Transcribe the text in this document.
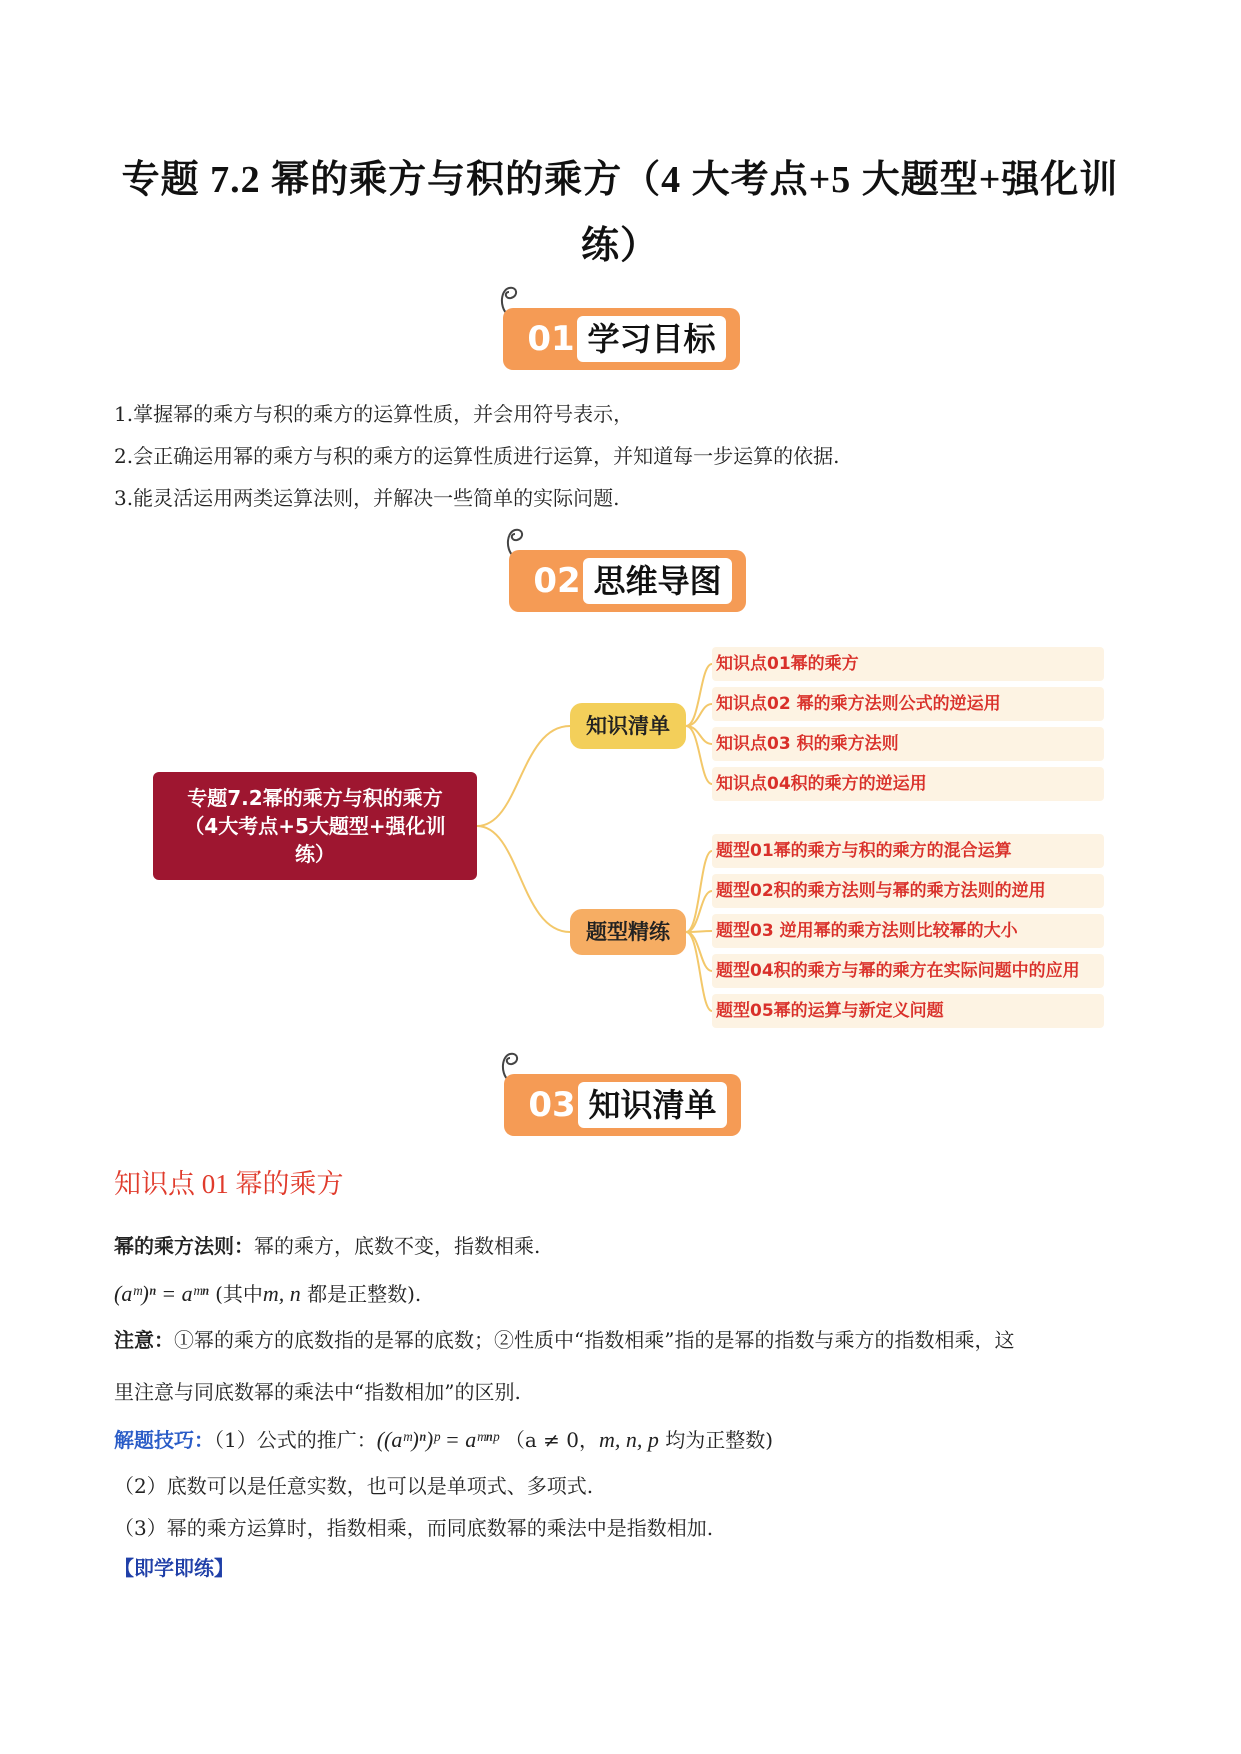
专题 7.2 幂的乘方与积的乘方（4 大考点+5 大题型+强化训
练）
01 学习目标
1.掌握幂的乘方与积的乘方的运算性质，并会用符号表示，
2.会正确运用幂的乘方与积的乘方的运算性质进行运算，并知道每一步运算的依据.
3.能灵活运用两类运算法则，并解决一些简单的实际问题.
02 思维导图
专题7.2幂的乘方与积的乘方
（4大考点+5大题型+强化训
练）
知识清单
题型精练
知识点01幂的乘方
知识点02 幂的乘方法则公式的逆运用
知识点03 积的乘方法则
知识点04积的乘方的逆运用
题型01幂的乘方与积的乘方的混合运算
题型02积的乘方法则与幂的乘方法则的逆用
题型03 逆用幂的乘方法则比较幂的大小
题型04积的乘方与幂的乘方在实际问题中的应用
题型05幂的运算与新定义问题
03 知识清单
知识点 01 幂的乘方
幂的乘方法则：幂的乘方，底数不变，指数相乘.
(aᵐ)ⁿ = aᵐⁿ (其中m, n 都是正整数).
注意：①幂的乘方的底数指的是幂的底数；②性质中“指数相乘”指的是幂的指数与乘方的指数相乘，这
里注意与同底数幂的乘法中“指数相加”的区别.
解题技巧：（1）公式的推广：((aᵐ)ⁿ)ᵖ = aᵐⁿᵖ （a ≠ 0，m, n, p 均为正整数)
（2）底数可以是任意实数，也可以是单项式、多项式.
（3）幂的乘方运算时，指数相乘，而同底数幂的乘法中是指数相加.
【即学即练】
